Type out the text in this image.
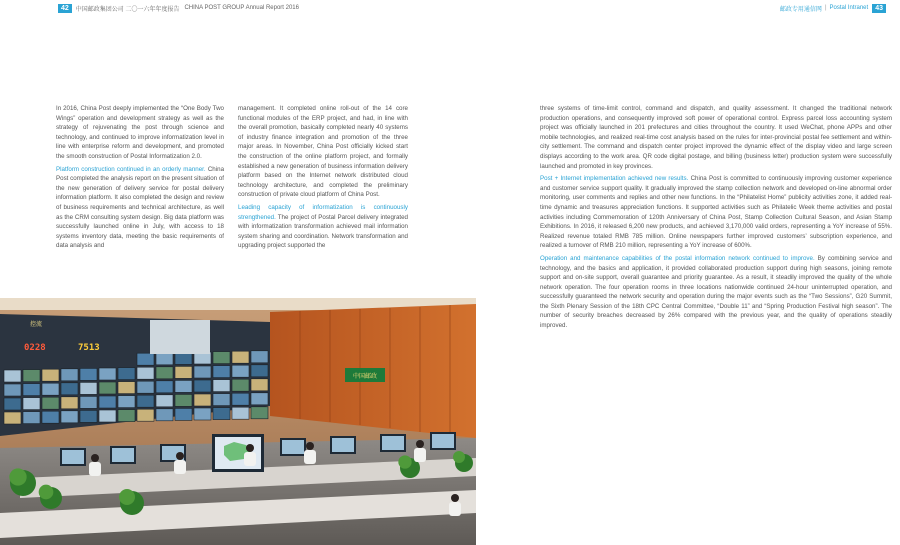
42	中国邮政集团公司 二〇一六年年度报告 CHINA POST GROUP Annual Report 2016	邮政专用通信网 | Postal Intranet	43

In 2016, China Post deeply implemented the “One Body Two Wings” operation and development strategy as well as the strategy of rejuvenating the post through science and technology, and continued to improve informatization level in line with enterprise reform and development, and promoted the smooth construction of Postal Informatization 2.0.

Platform construction continued in an orderly manner. China Post completed the analysis report on the present situation of the new generation of delivery service for postal delivery information platform. It also completed the design and review of business requirements and technical architecture, as well as the CRM consulting system design. Big data platform was successfully launched online in July, with access to 18 systems inventory data, meeting the basic requirements of data analysis and

management. It completed online roll-out of the 14 core functional modules of the ERP project, and had, in line with the overall promotion, basically completed nearly 40 systems of industry finance integration and promotion of the three major areas. In November, China Post officially kicked start the construction of the online platform project, and formally established a new generation of business information delivery platform based on the Internet network distributed cloud technology architecture, and completed the preliminary construction of private cloud platform of China Post.

Leading capacity of informatization is continuously strengthened. The project of Postal Parcel delivery integrated with informatization transformation achieved mail information system sharing and coordination. Network transformation and upgrading project supported the

three systems of time-limit control, command and dispatch, and quality assessment. It changed the traditional network production operations, and consequently improved soft power of operational control. Express parcel loss accounting system project was officially launched in 201 prefectures and cities throughout the country. It used WeChat, phone APPs and other mobile technologies, and realized real-time cost analysis based on the rules for inter-provincial postal fee settlement and within-city settlement. The command and dispatch center project improved the dynamic effect of the display video and large screen displays according to the work area. QR code digital postage, and billing (business letter) production system were successfully launched and promoted in key provinces.

Post + Internet implementation achieved new results. China Post is committed to continuously improving customer experience and customer service support quality. It gradually improved the stamp collection network and developed on-line abnormal order monitoring, user comments and replies and other new functions. In the “Philatelist Home” publicity activities zone, it added real-time dynamic and treasures appreciation functions. It supported activities such as Philatelic Week theme activities and postal activities including Commemoration of 120th Anniversary of China Post, Stamp Collection Cultural Season, and Asian Stamp Exhibitions. In 2016, it released 6,200 new products, and achieved 3,170,000 valid orders, representing a YoY increase of 55%. Realized revenue totaled RMB 785 million. Online newspapers further improved customers’ subscription experience, and realized a turnover of RMB 210 million, representing a YoY increase of 600%.

Operation and maintenance capabilities of the postal information network continued to improve. By combining service and technology, and the basics and application, it provided collaborated production support during high seasons, joining remote support and on-site support, overall guarantee and priority guarantee. As a result, it steadily improved the quality of the whole network operation. The four operation rooms in three locations nationwide continued 24-hour uninterrupted operation, and successfully guaranteed the network security and operation during the major events such as the “Two Sessions”, G20 Summit, the Sixth Plenary Session of the 18th CPC Central Committee, “Double 11” and “Spring Production Festival high season”. The number of security breaches decreased by 26% compared with the previous year, and the quality of operations steadily improved.

中国邮政
控流
0228	7513
